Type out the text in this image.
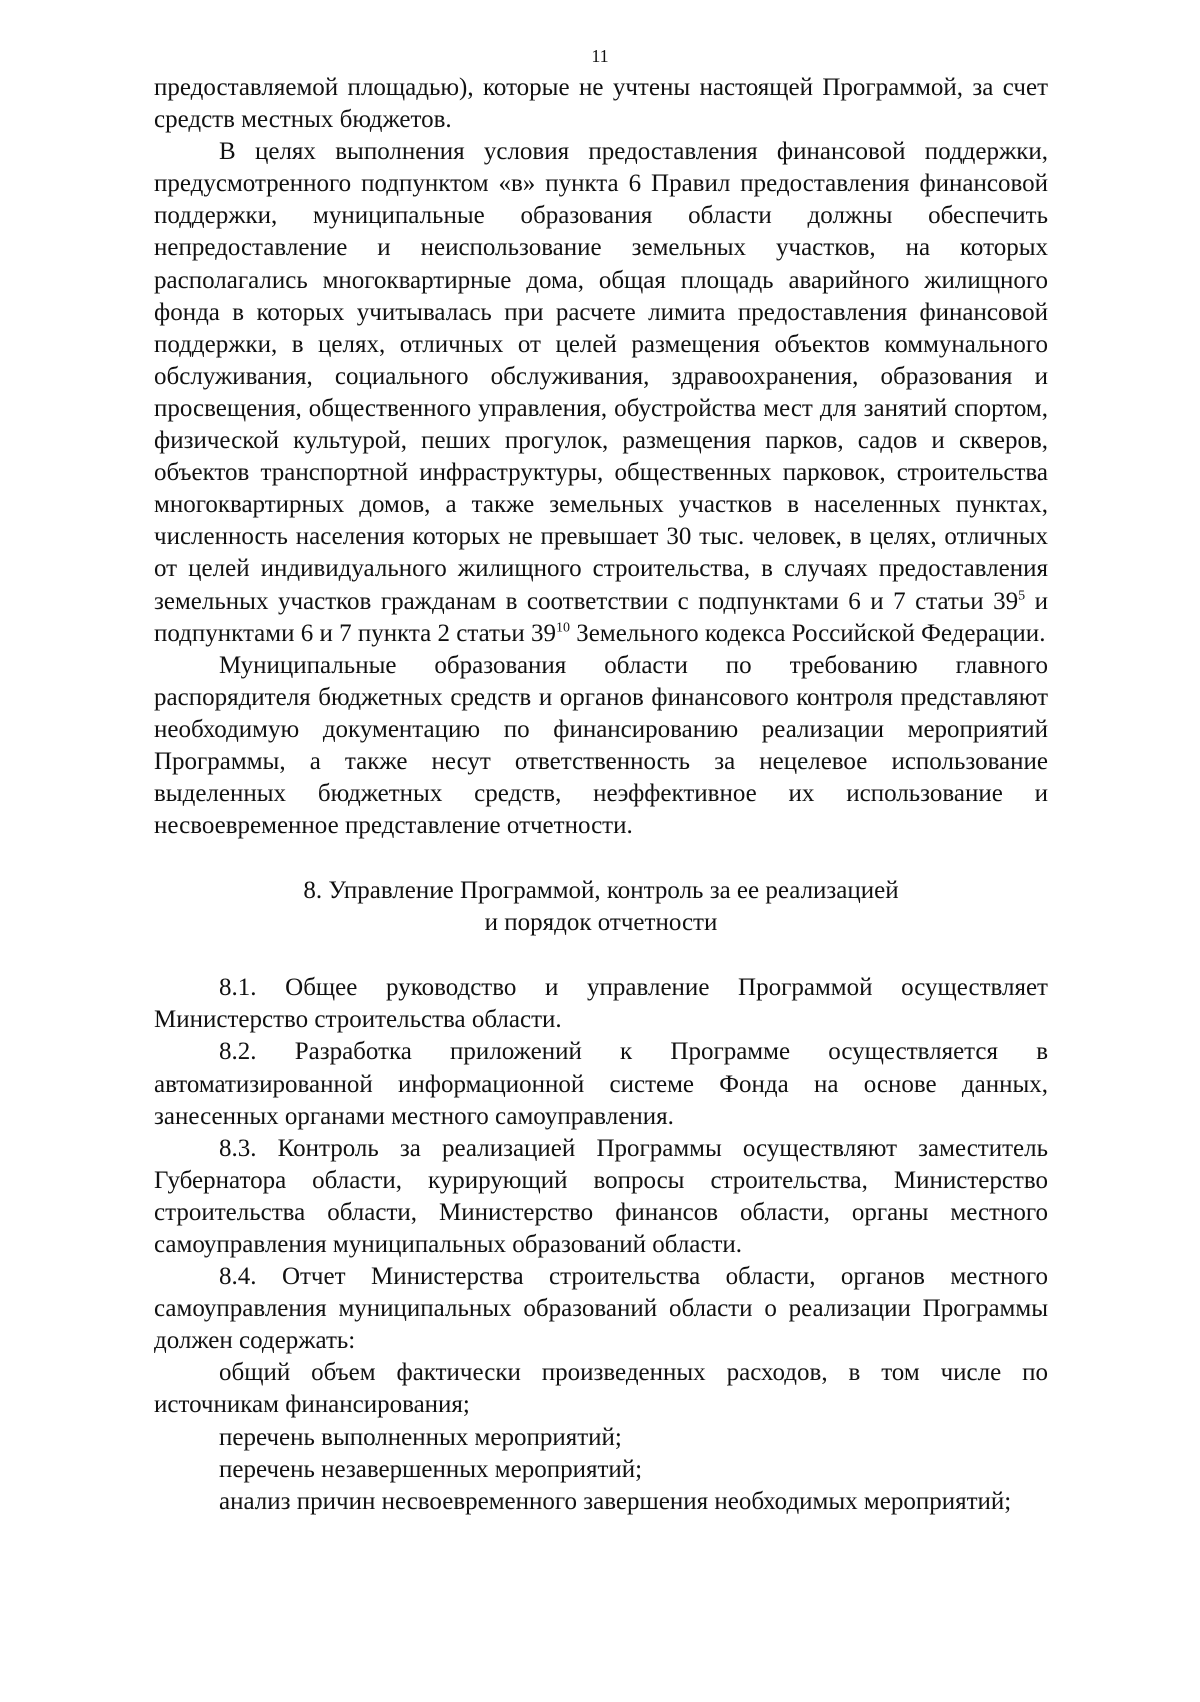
11

предоставляемой площадью), которые не учтены настоящей Программой, за счет средств местных бюджетов.

В целях выполнения условия предоставления финансовой поддержки, предусмотренного подпунктом «в» пункта 6 Правил предоставления финансовой поддержки, муниципальные образования области должны обеспечить непредоставление и неиспользование земельных участков, на которых располагались многоквартирные дома, общая площадь аварийного жилищного фонда в которых учитывалась при расчете лимита предоставления финансовой поддержки, в целях, отличных от целей размещения объектов коммунального обслуживания, социального обслуживания, здравоохранения, образования и просвещения, общественного управления, обустройства мест для занятий спортом, физической культурой, пеших прогулок, размещения парков, садов и скверов, объектов транспортной инфраструктуры, общественных парковок, строительства многоквартирных домов, а также земельных участков в населенных пунктах, численность населения которых не превышает 30 тыс. человек, в целях, отличных от целей индивидуального жилищного строительства, в случаях предоставления земельных участков гражданам в соответствии с подпунктами 6 и 7 статьи $39^5$ и подпунктами 6 и 7 пункта 2 статьи $39^{10}$ Земельного кодекса Российской Федерации.

Муниципальные образования области по требованию главного распорядителя бюджетных средств и органов финансового контроля представляют необходимую документацию по финансированию реализации мероприятий Программы, а также несут ответственность за нецелевое использование выделенных бюджетных средств, неэффективное их использование и несвоевременное представление отчетности.

8. Управление Программой, контроль за ее реализацией
и порядок отчетности

8.1. Общее руководство и управление Программой осуществляет Министерство строительства области.

8.2. Разработка приложений к Программе осуществляется в автоматизированной информационной системе Фонда на основе данных, занесенных органами местного самоуправления.

8.3. Контроль за реализацией Программы осуществляют заместитель Губернатора области, курирующий вопросы строительства, Министерство строительства области, Министерство финансов области, органы местного самоуправления муниципальных образований области.

8.4. Отчет Министерства строительства области, органов местного самоуправления муниципальных образований области о реализации Программы должен содержать:

общий объем фактически произведенных расходов, в том числе по источникам финансирования;

перечень выполненных мероприятий;

перечень незавершенных мероприятий;

анализ причин несвоевременного завершения необходимых мероприятий;
